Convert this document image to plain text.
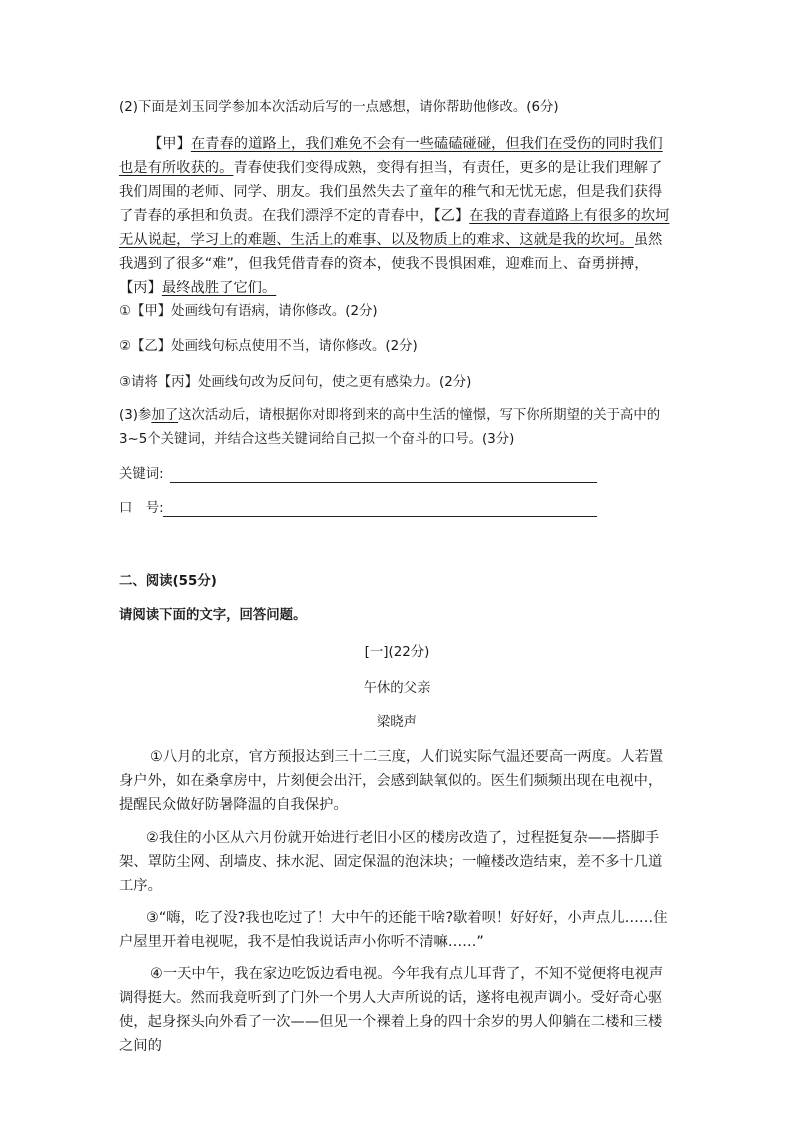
(2)下面是刘玉同学参加本次活动后写的一点感想，请你帮助他修改。(6分)

【甲】在青春的道路上，我们难免不会有一些磕磕碰碰，但我们在受伤的同时我们也是有所收获的。青春使我们变得成熟，变得有担当，有责任，更多的是让我们理解了我们周围的老师、同学、朋友。我们虽然失去了童年的稚气和无忧无虑，但是我们获得了青春的承担和负责。在我们漂浮不定的青春中，【乙】在我的青春道路上有很多的坎坷无从说起，学习上的难题、生活上的难事、以及物质上的难求、这就是我的坎坷。虽然我遇到了很多“难”，但我凭借青春的资本，使我不畏惧困难，迎难而上、奋勇拼搏，【丙】最终战胜了它们。

①【甲】处画线句有语病，请你修改。(2分)

②【乙】处画线句标点使用不当，请你修改。(2分)

③请将【丙】处画线句改为反问句，使之更有感染力。(2分)

(3)参加了这次活动后，请根据你对即将到来的高中生活的憧憬，写下你所期望的关于高中的3~5个关键词，并结合这些关键词给自己拟一个奋斗的口号。(3分)

关键词:
口　号:

二、阅读(55分)

请阅读下面的文字，回答问题。

[一](22分)

午休的父亲

梁晓声

①八月的北京，官方预报达到三十二三度，人们说实际气温还要高一两度。人若置身户外，如在桑拿房中，片刻便会出汗，会感到缺氧似的。医生们频频出现在电视中，提醒民众做好防暑降温的自我保护。

②我住的小区从六月份就开始进行老旧小区的楼房改造了，过程挺复杂——搭脚手架、罩防尘网、刮墙皮、抹水泥、固定保温的泡沫块；一幢楼改造结束，差不多十几道工序。

③“嗨，吃了没?我也吃过了！大中午的还能干啥?歇着呗！好好好，小声点儿……住户屋里开着电视呢，我不是怕我说话声小你听不清嘛……”

④一天中午，我在家边吃饭边看电视。今年我有点儿耳背了，不知不觉便将电视声调得挺大。然而我竟听到了门外一个男人大声所说的话，遂将电视声调小。受好奇心驱使，起身探头向外看了一次——但见一个裸着上身的四十余岁的男人仰躺在二楼和三楼之间的
